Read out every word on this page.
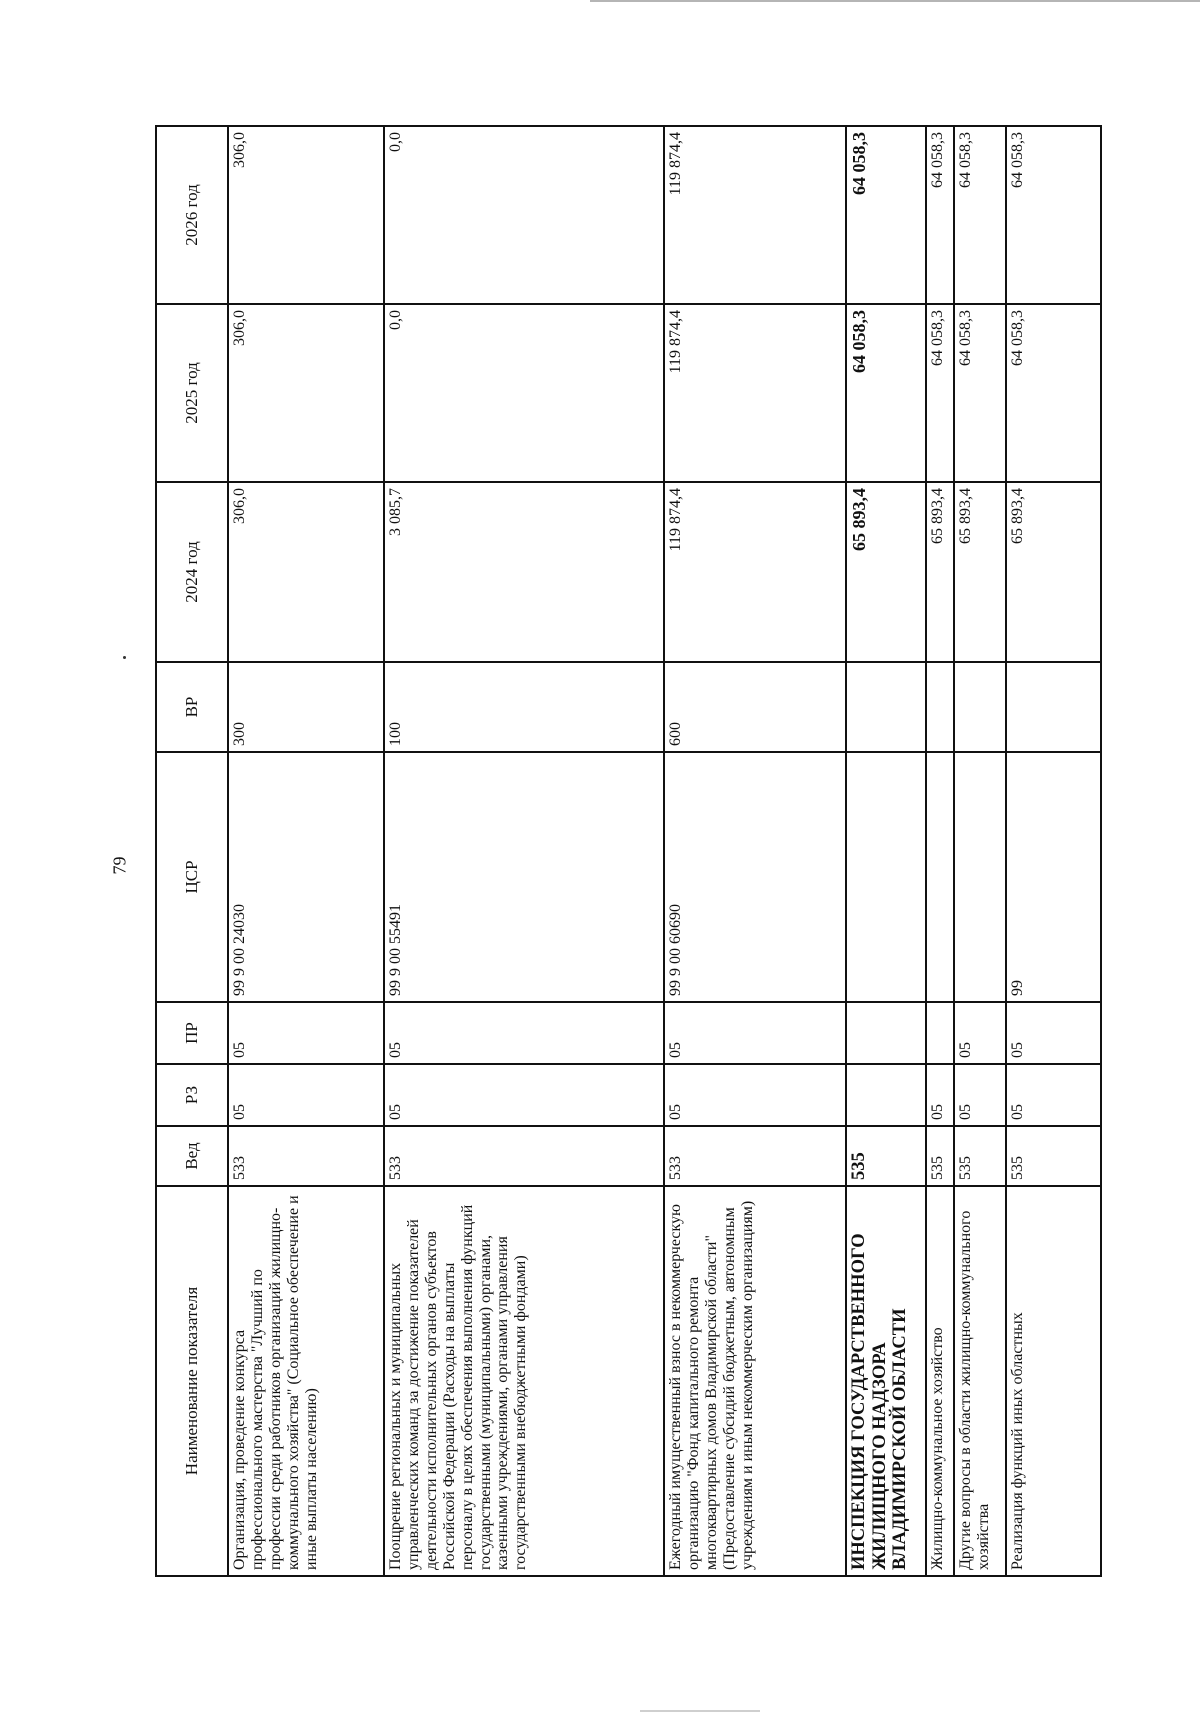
79
Наименование показателя	Вед	РЗ	ПР	ЦСР	ВР	2024 год	2025 год	2026 год
Организация, проведение конкурса профессионального мастерства "Лучший по профессии среди работников организаций жилищно-коммунального хозяйства" (Социальное обеспечение и иные выплаты населению)	533	05	05	99 9 00 24030	300	306,0	306,0	306,0
Поощрение региональных и муниципальных управленческих команд за достижение показателей деятельности исполнительных органов субъектов Российской Федерации (Расходы на выплаты персоналу в целях обеспечения выполнения функций государственными (муниципальными) органами, казенными учреждениями, органами управления государственными внебюджетными фондами)	533	05	05	99 9 00 55491	100	3 085,7	0,0	0,0
Ежегодный имущественный взнос в некоммерческую организацию "Фонд капитального ремонта многоквартирных домов Владимирской области" (Предоставление субсидий бюджетным, автономным учреждениям и иным некоммерческим организациям)	533	05	05	99 9 00 60690	600	119 874,4	119 874,4	119 874,4
ИНСПЕКЦИЯ ГОСУДАРСТВЕННОГО ЖИЛИЩНОГО НАДЗОРА ВЛАДИМИРСКОЙ ОБЛАСТИ	535					65 893,4	64 058,3	64 058,3
Жилищно-коммунальное хозяйство	535	05				65 893,4	64 058,3	64 058,3
Другие вопросы в области жилищно-коммунального хозяйства	535	05	05			65 893,4	64 058,3	64 058,3
Реализация функций иных областных	535	05	05	99		65 893,4	64 058,3	64 058,3
